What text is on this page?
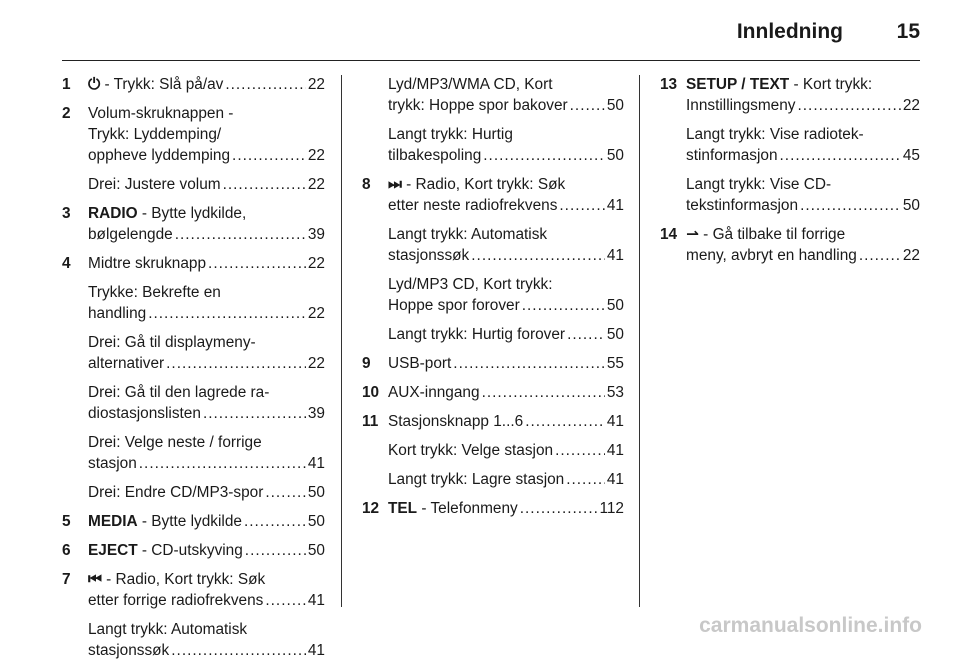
Innledning	15
1 ⏻ - Trykk: Slå på/av .....	22
2 Volum-skruknappen -
Trykk: Lyddemping/
oppheve lyddemping .....	22
Drei: Justere volum .....	22
3 RADIO - Bytte lydkilde,
bølgelengde .....	39
4 Midtre skruknapp .....	22
Trykke: Bekrefte en
handling .....	22
Drei: Gå til displaymeny-
alternativer .....	22
Drei: Gå til den lagrede ra-
diostasjonslisten .....	39
Drei: Velge neste / forrige
stasjon .....	41
Drei: Endre CD/MP3-spor .....	50
5 MEDIA - Bytte lydkilde .....	50
6 EJECT - CD-utskyving .....	50
7 ⏮ - Radio, Kort trykk: Søk
etter forrige radiofrekvens .....	41
Langt trykk: Automatisk
stasjonssøk .....	41
Lyd/MP3/WMA CD, Kort
trykk: Hoppe spor bakover .....	50
Langt trykk: Hurtig
tilbakespoling .....	50
8 ⏭ - Radio, Kort trykk: Søk
etter neste radiofrekvens .....	41
Langt trykk: Automatisk
stasjonssøk .....	41
Lyd/MP3 CD, Kort trykk:
Hoppe spor forover .....	50
Langt trykk: Hurtig forover .....	50
9 USB-port .....	55
10 AUX-inngang .....	53
11 Stasjonsknapp 1...6 .....	41
Kort trykk: Velge stasjon .....	41
Langt trykk: Lagre stasjon .....	41
12 TEL - Telefonmeny .....	112
13 SETUP / TEXT - Kort trykk:
Innstillingsmeny .....	22
Langt trykk: Vise radiotek-
stinformasjon .....	45
Langt trykk: Vise CD-
tekstinformasjon .....	50
14 ⇀ - Gå tilbake til forrige
meny, avbryt en handling .....	22
carmanualsonline.info
